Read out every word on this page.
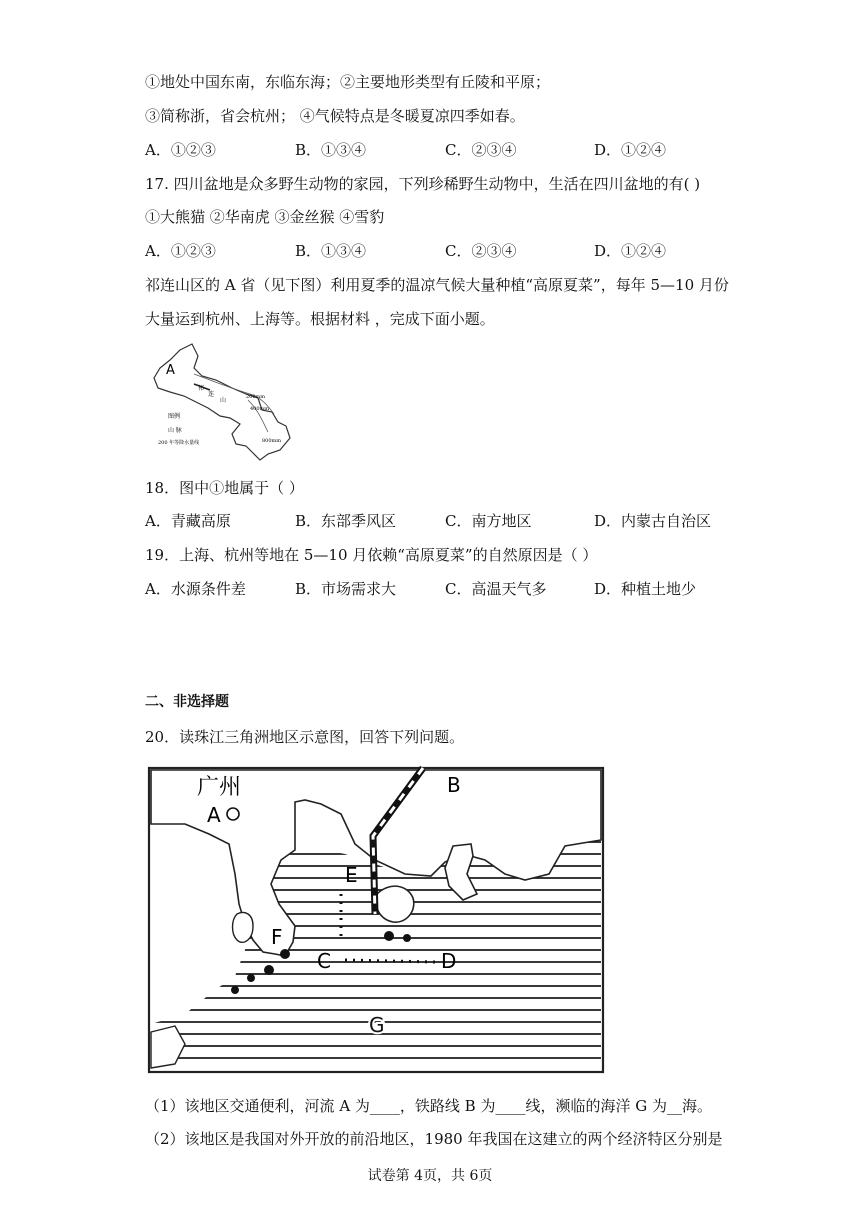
①地处中国东南，东临东海；②主要地形类型有丘陵和平原；
③简称浙，省会杭州； ④气候特点是冬暖夏凉四季如春。
A．①②③	B．①③④	C．②③④	D．①②④
17. 四川盆地是众多野生动物的家园，下列珍稀野生动物中，生活在四川盆地的有( )
①大熊猫 ②华南虎 ③金丝猴 ④雪豹
A．①②③	B．①③④	C．②③④	D．①②④
祁连山区的 A 省（见下图）利用夏季的温凉气候大量种植“高原夏菜”，每年 5—10 月份
大量运到杭州、上海等。根据材料 ，完成下面小题。
A
祁
连
山	200mm
400mm
800mm
图例
山 脉
200 年等降水量线
18．图中①地属于（ ）
A．青藏高原	B．东部季风区	C．南方地区	D．内蒙古自治区
19．上海、杭州等地在 5—10 月依赖“高原夏菜”的自然原因是（ ）
A．水源条件差	B．市场需求大	C．高温天气多	D．种植土地少
二、非选择题
20．读珠江三角洲地区示意图，回答下列问题。
广州
A
B
E
F
C	D
G
（1）该地区交通便利，河流 A 为____，铁路线 B 为____线，濒临的海洋 G 为__海。
（2）该地区是我国对外开放的前沿地区，1980 年我国在这建立的两个经济特区分别是
试卷第 4页，共 6页
